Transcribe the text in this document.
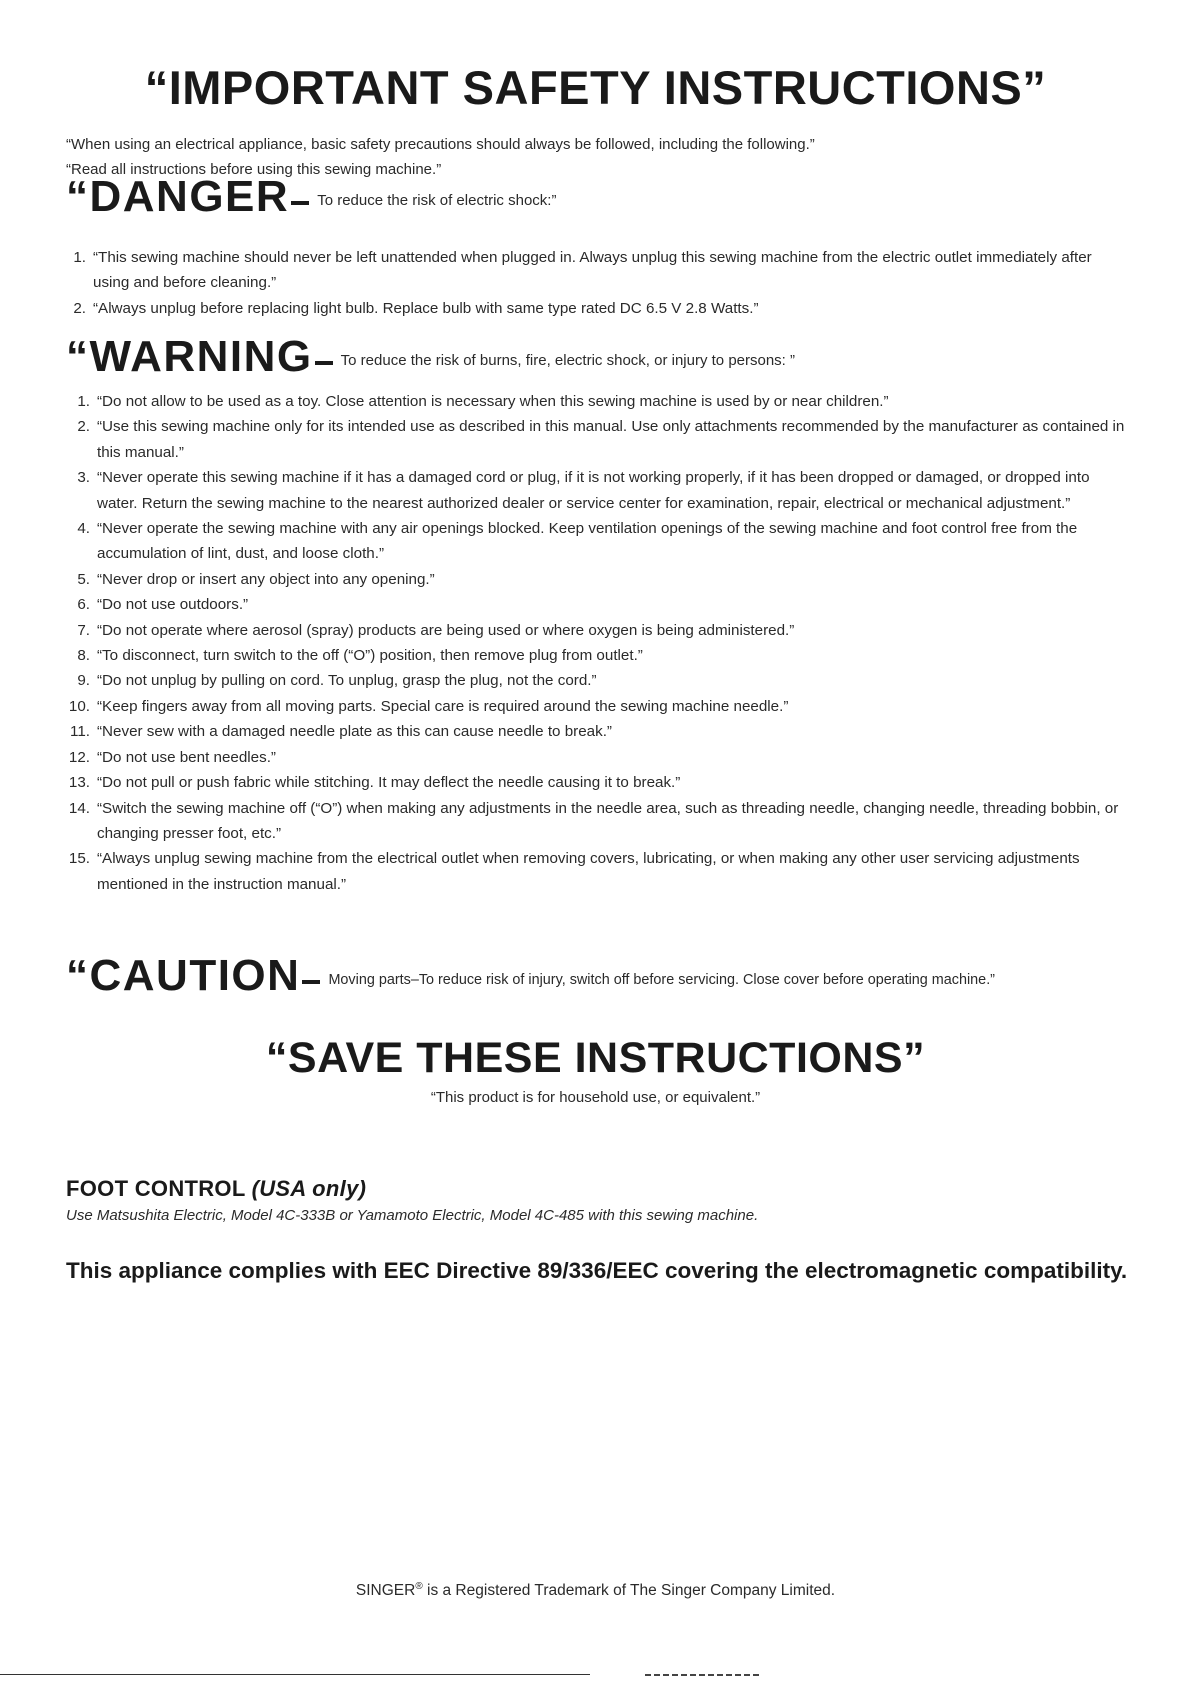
“IMPORTANT SAFETY INSTRUCTIONS”

“When using an electrical appliance, basic safety precautions should always be followed, including the following.”

“Read all instructions before using this sewing machine.”

“DANGER To reduce the risk of electric shock:”
1. “This sewing machine should never be left unattended when plugged in. Always unplug this sewing machine from the electric outlet immediately after using and before cleaning.”
2. “Always unplug before replacing light bulb. Replace bulb with same type rated DC 6.5 V 2.8 Watts.”
“WARNING To reduce the risk of burns, fire, electric shock, or injury to persons: ”
1. “Do not allow to be used as a toy. Close attention is necessary when this sewing machine is used by or near children.”
2. “Use this sewing machine only for its intended use as described in this manual. Use only attachments recommended by the manufacturer as contained in this manual.”
3. “Never operate this sewing machine if it has a damaged cord or plug, if it is not working properly, if it has been dropped or damaged, or dropped into water. Return the sewing machine to the nearest authorized dealer or service center for examination, repair, electrical or mechanical adjustment.”
4. “Never operate the sewing machine with any air openings blocked. Keep ventilation openings of the sewing machine and foot control free from the accumulation of lint, dust, and loose cloth.”
5. “Never drop or insert any object into any opening.”
6. “Do not use outdoors.”
7. “Do not operate where aerosol (spray) products are being used or where oxygen is being administered.”
8. “To disconnect, turn switch to the off (“O”) position, then remove plug from outlet.”
9. “Do not unplug by pulling on cord. To unplug, grasp the plug, not the cord.”
10. “Keep fingers away from all moving parts. Special care is required around the sewing machine needle.”
11. “Never sew with a damaged needle plate as this can cause needle to break.”
12. “Do not use bent needles.”
13. “Do not pull or push fabric while stitching. It may deflect the needle causing it to break.”
14. “Switch the sewing machine off (“O”) when making any adjustments in the needle area, such as threading needle, changing needle, threading bobbin, or changing presser foot, etc.”
15. “Always unplug sewing machine from the electrical outlet when removing covers, lubricating, or when making any other user servicing adjustments mentioned in the instruction manual.”
“CAUTION Moving parts–To reduce risk of injury, switch off before servicing. Close cover before operating machine.”
“SAVE THESE INSTRUCTIONS”
“This product is for household use, or equivalent.”
FOOT CONTROL (USA only)
Use Matsushita Electric, Model 4C-333B or Yamamoto Electric, Model 4C-485 with this sewing machine.
This appliance complies with EEC Directive 89/336/EEC covering the electromagnetic compatibility.
SINGER® is a Registered Trademark of The Singer Company Limited.
